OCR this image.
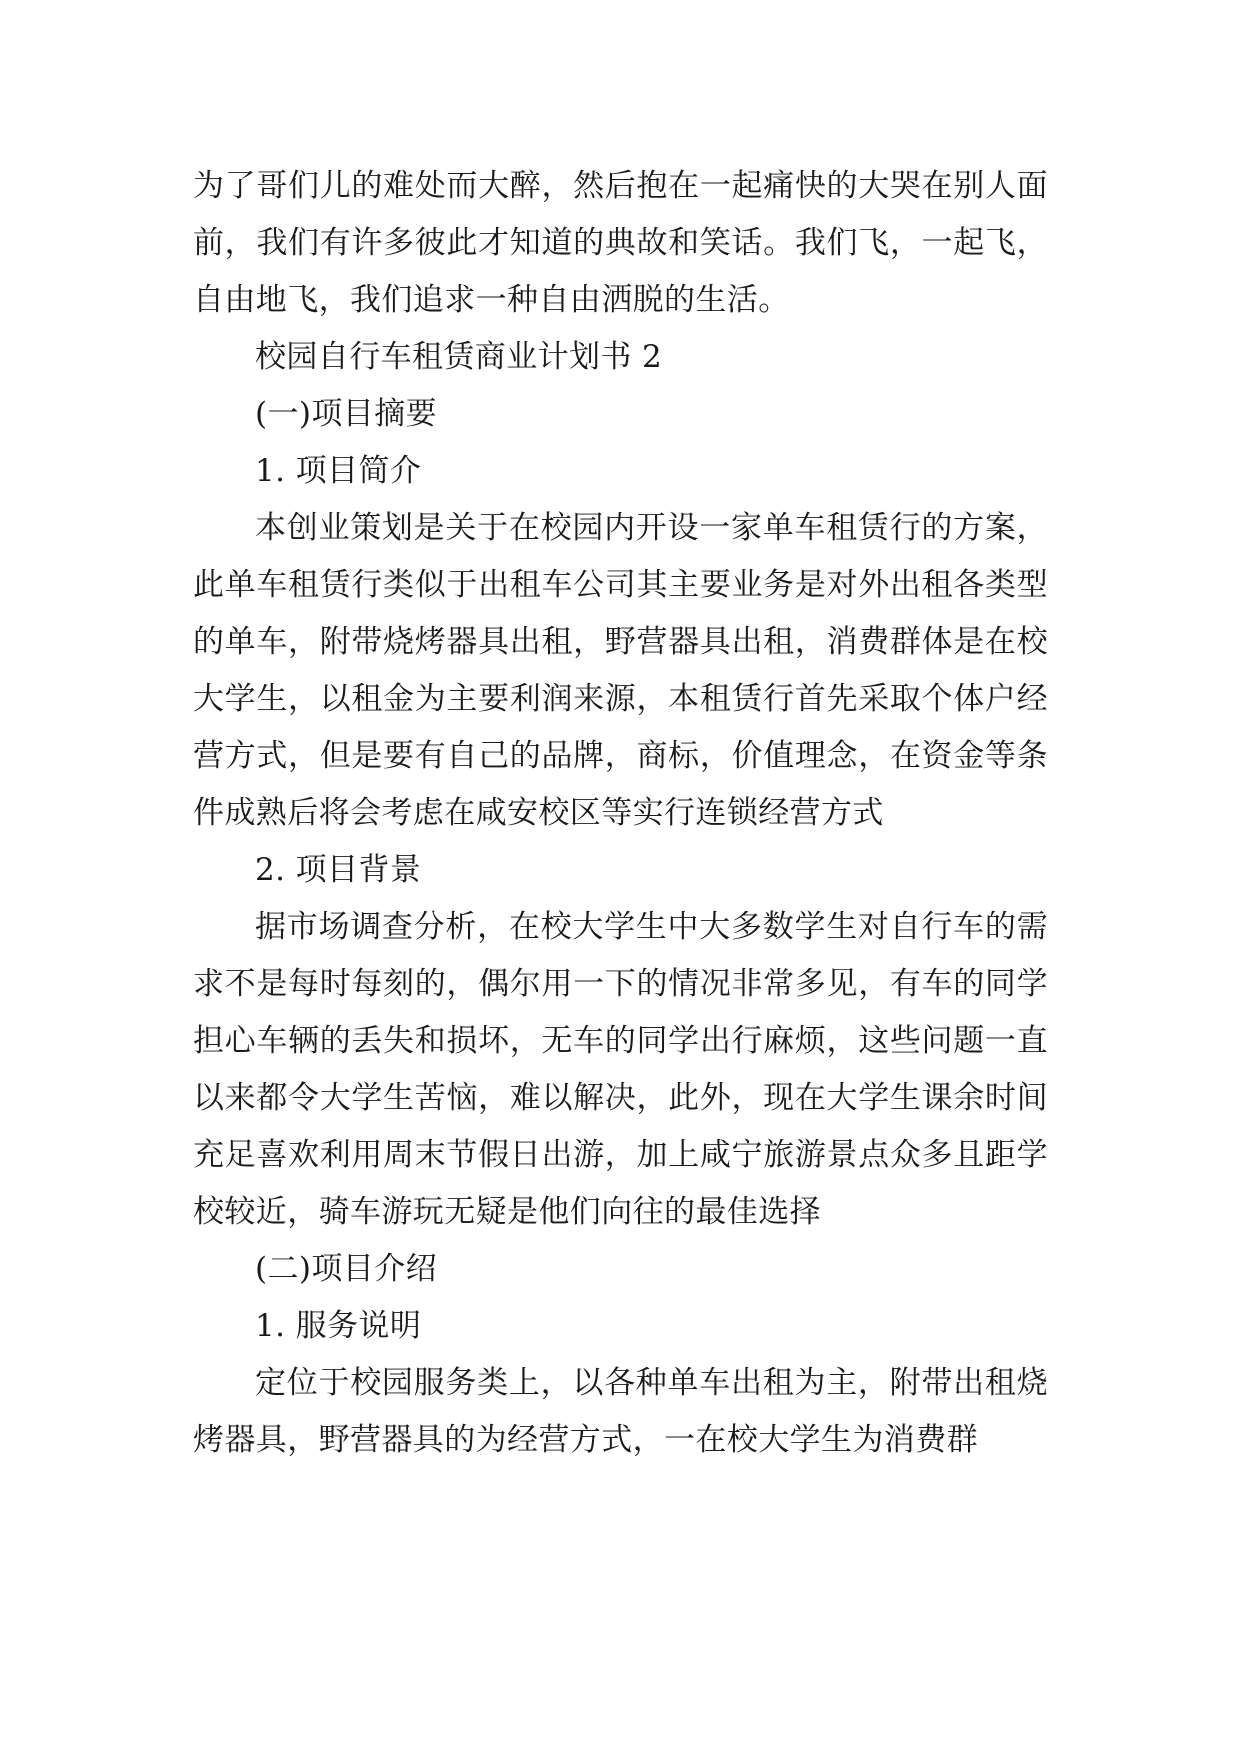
为了哥们儿的难处而大醉，然后抱在一起痛快的大哭在别人面前，我们有许多彼此才知道的典故和笑话。我们飞，一起飞，自由地飞，我们追求一种自由洒脱的生活。

校园自行车租赁商业计划书 2
(一)项目摘要
1. 项目简介

本创业策划是关于在校园内开设一家单车租赁行的方案，此单车租赁行类似于出租车公司其主要业务是对外出租各类型的单车，附带烧烤器具出租，野营器具出租，消费群体是在校大学生，以租金为主要利润来源，本租赁行首先采取个体户经营方式，但是要有自己的品牌，商标，价值理念，在资金等条件成熟后将会考虑在咸安校区等实行连锁经营方式

2. 项目背景

据市场调查分析，在校大学生中大多数学生对自行车的需求不是每时每刻的，偶尔用一下的情况非常多见，有车的同学担心车辆的丢失和损坏，无车的同学出行麻烦，这些问题一直以来都令大学生苦恼，难以解决，此外，现在大学生课余时间充足喜欢利用周末节假日出游，加上咸宁旅游景点众多且距学校较近，骑车游玩无疑是他们向往的最佳选择

(二)项目介绍
1. 服务说明

定位于校园服务类上，以各种单车出租为主，附带出租烧烤器具，野营器具的为经营方式，一在校大学生为消费群
